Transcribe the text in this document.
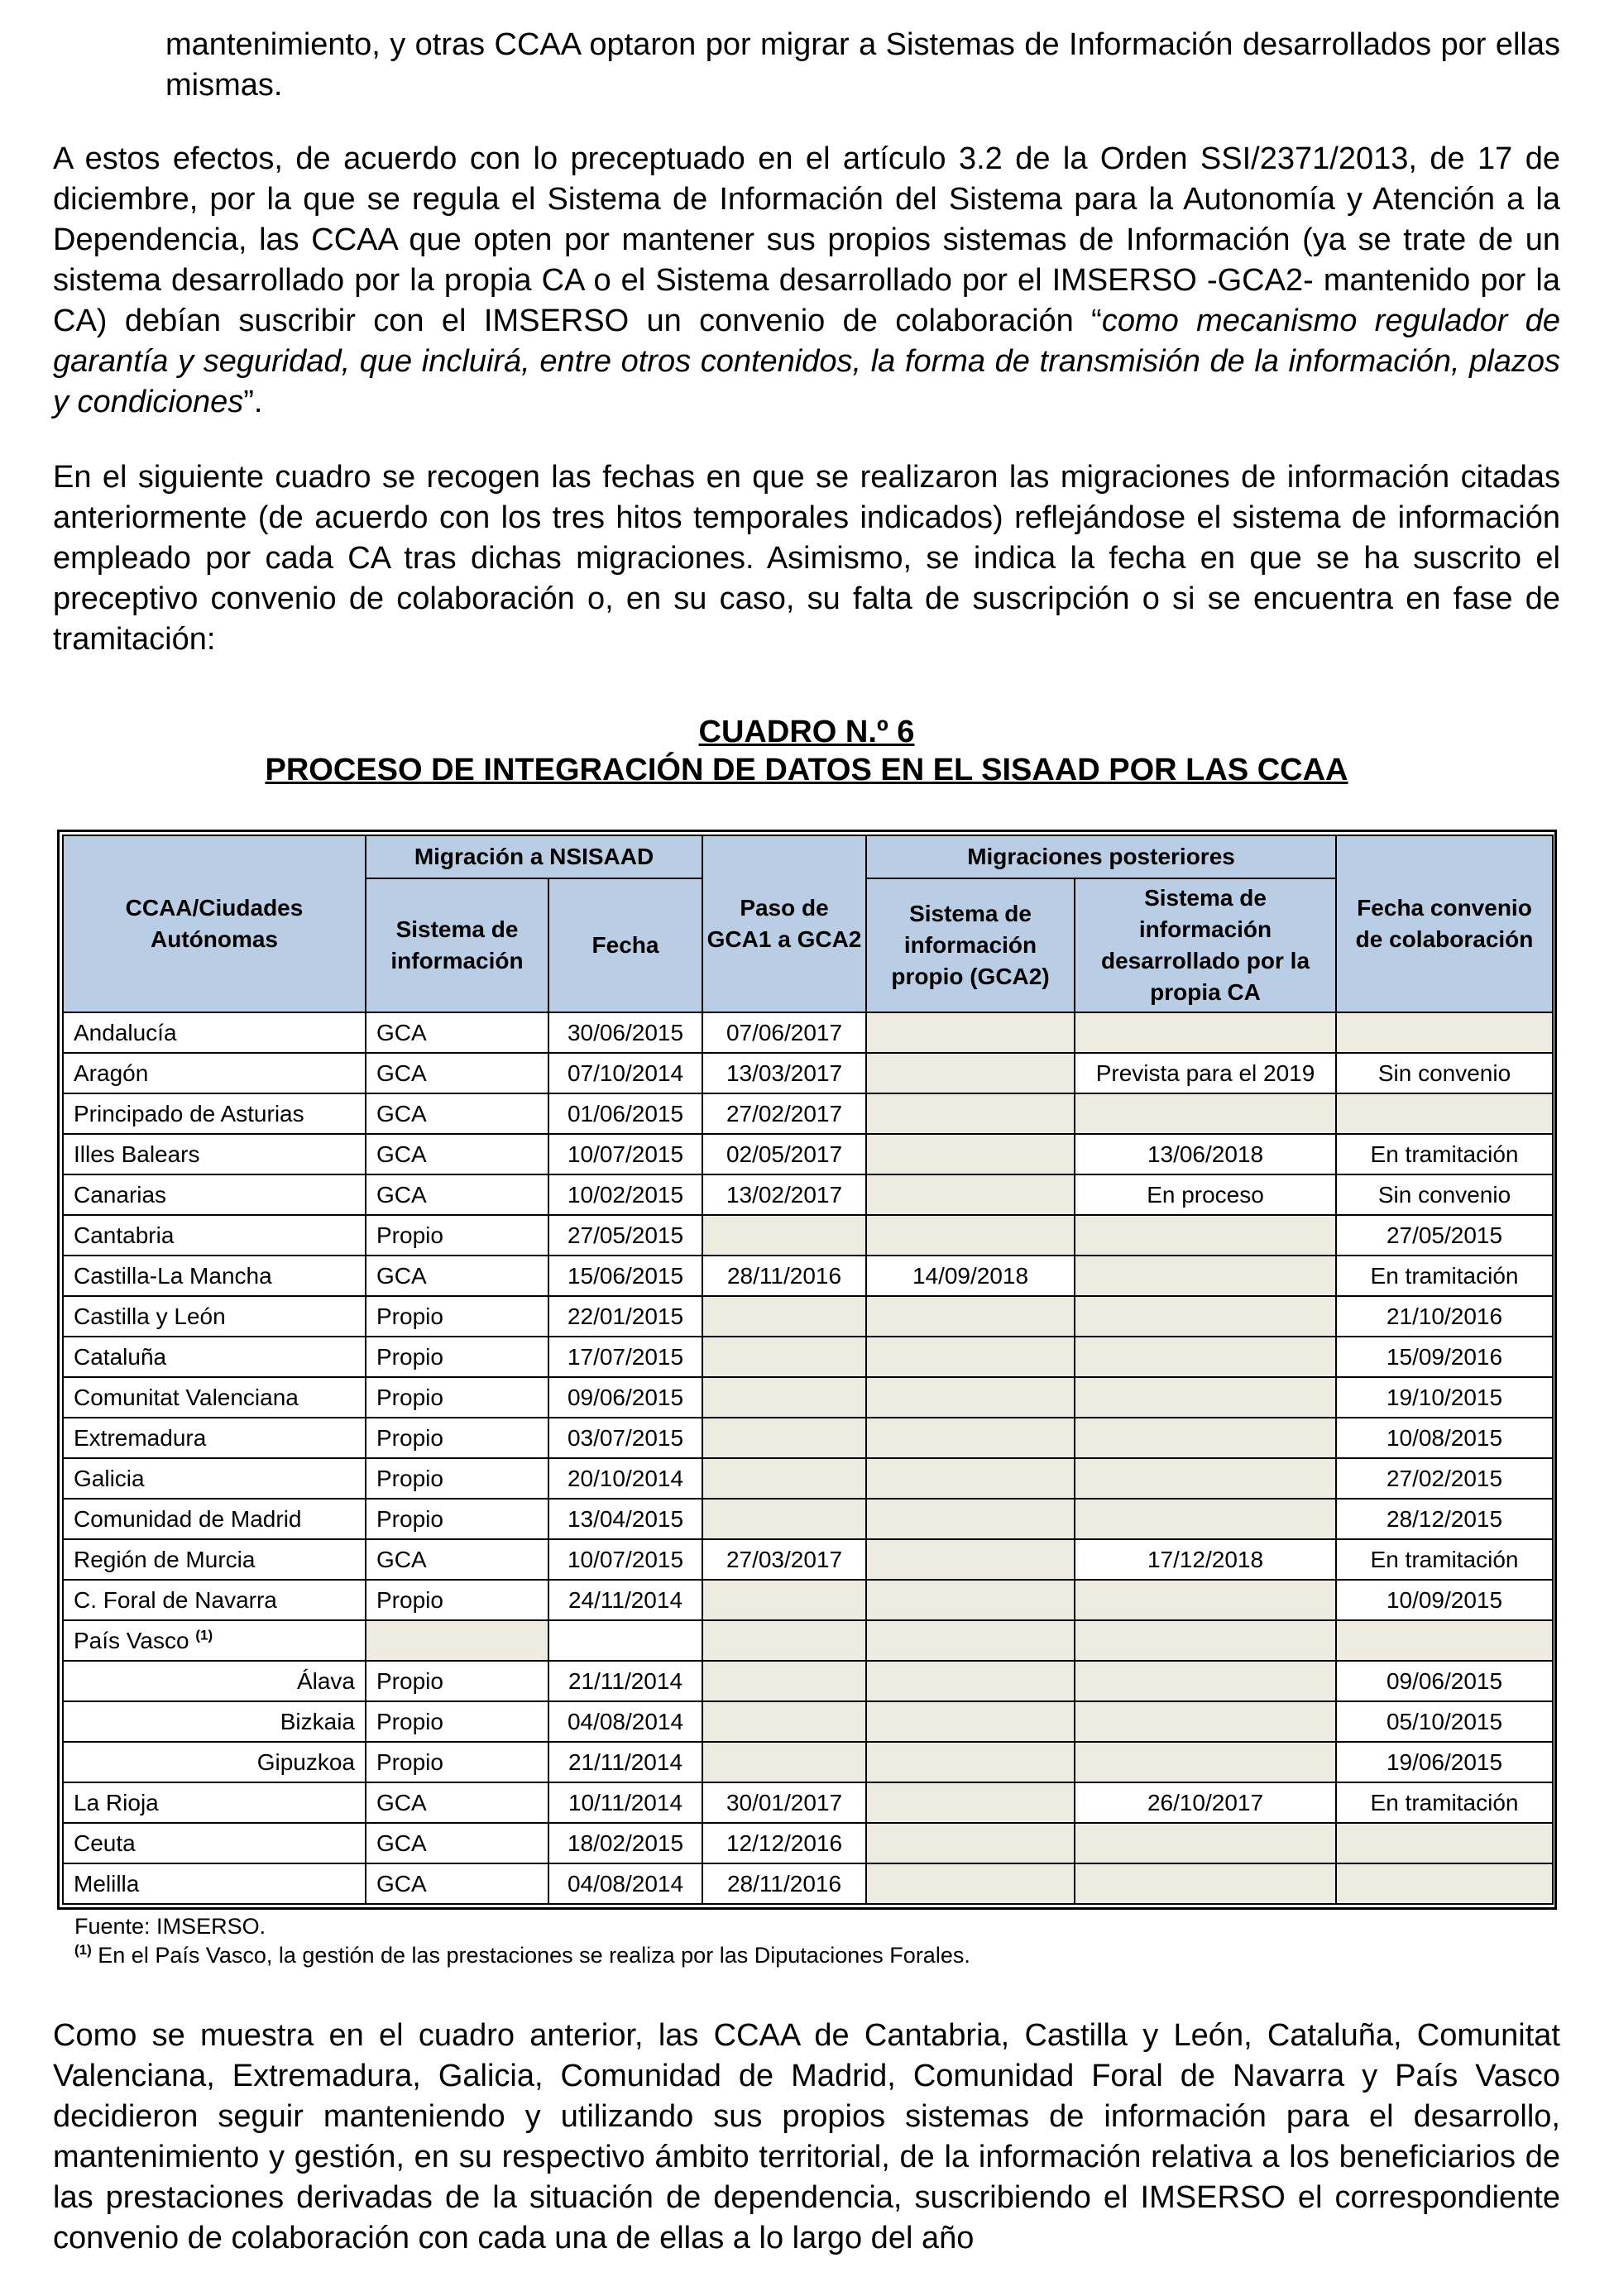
mantenimiento, y otras CCAA optaron por migrar a Sistemas de Información desarrollados por ellas mismas.

A estos efectos, de acuerdo con lo preceptuado en el artículo 3.2 de la Orden SSI/2371/2013, de 17 de diciembre, por la que se regula el Sistema de Información del Sistema para la Autonomía y Atención a la Dependencia, las CCAA que opten por mantener sus propios sistemas de Información (ya se trate de un sistema desarrollado por la propia CA o el Sistema desarrollado por el IMSERSO -GCA2- mantenido por la CA) debían suscribir con el IMSERSO un convenio de colaboración “como mecanismo regulador de garantía y seguridad, que incluirá, entre otros contenidos, la forma de transmisión de la información, plazos y condiciones”.

En el siguiente cuadro se recogen las fechas en que se realizaron las migraciones de información citadas anteriormente (de acuerdo con los tres hitos temporales indicados) reflejándose el sistema de información empleado por cada CA tras dichas migraciones. Asimismo, se indica la fecha en que se ha suscrito el preceptivo convenio de colaboración o, en su caso, su falta de suscripción o si se encuentra en fase de tramitación:

CUADRO N.º 6
PROCESO DE INTEGRACIÓN DE DATOS EN EL SISAAD POR LAS CCAA
CCAA/Ciudades Autónomas	Migración a NSISAAD		Paso de GCA1 a GCA2	Migraciones posteriores		Fecha convenio de colaboración
	Sistema de información	Fecha		Sistema de información propio (GCA2)	Sistema de información desarrollado por la propia CA	
Andalucía	GCA	30/06/2015	07/06/2017			
Aragón	GCA	07/10/2014	13/03/2017		Prevista para el 2019	Sin convenio
Principado de Asturias	GCA	01/06/2015	27/02/2017			
Illes Balears	GCA	10/07/2015	02/05/2017		13/06/2018	En tramitación
Canarias	GCA	10/02/2015	13/02/2017		En proceso	Sin convenio
Cantabria	Propio	27/05/2015				27/05/2015
Castilla-La Mancha	GCA	15/06/2015	28/11/2016	14/09/2018		En tramitación
Castilla y León	Propio	22/01/2015				21/10/2016
Cataluña	Propio	17/07/2015				15/09/2016
Comunitat Valenciana	Propio	09/06/2015				19/10/2015
Extremadura	Propio	03/07/2015				10/08/2015
Galicia	Propio	20/10/2014				27/02/2015
Comunidad de Madrid	Propio	13/04/2015				28/12/2015
Región de Murcia	GCA	10/07/2015	27/03/2017		17/12/2018	En tramitación
C. Foral de Navarra	Propio	24/11/2014				10/09/2015
País Vasco $^{(1)}$						
Álava	Propio	21/11/2014				09/06/2015
Bizkaia	Propio	04/08/2014				05/10/2015
Gipuzkoa	Propio	21/11/2014				19/06/2015
La Rioja	GCA	10/11/2014	30/01/2017		26/10/2017	En tramitación
Ceuta	GCA	18/02/2015	12/12/2016			
Melilla	GCA	04/08/2014	28/11/2016			
Fuente: IMSERSO.
$^{(1)}$ En el País Vasco, la gestión de las prestaciones se realiza por las Diputaciones Forales.

Como se muestra en el cuadro anterior, las CCAA de Cantabria, Castilla y León, Cataluña, Comunitat Valenciana, Extremadura, Galicia, Comunidad de Madrid, Comunidad Foral de Navarra y País Vasco decidieron seguir manteniendo y utilizando sus propios sistemas de información para el desarrollo, mantenimiento y gestión, en su respectivo ámbito territorial, de la información relativa a los beneficiarios de las prestaciones derivadas de la situación de dependencia, suscribiendo el IMSERSO el correspondiente convenio de colaboración con cada una de ellas a lo largo del año
